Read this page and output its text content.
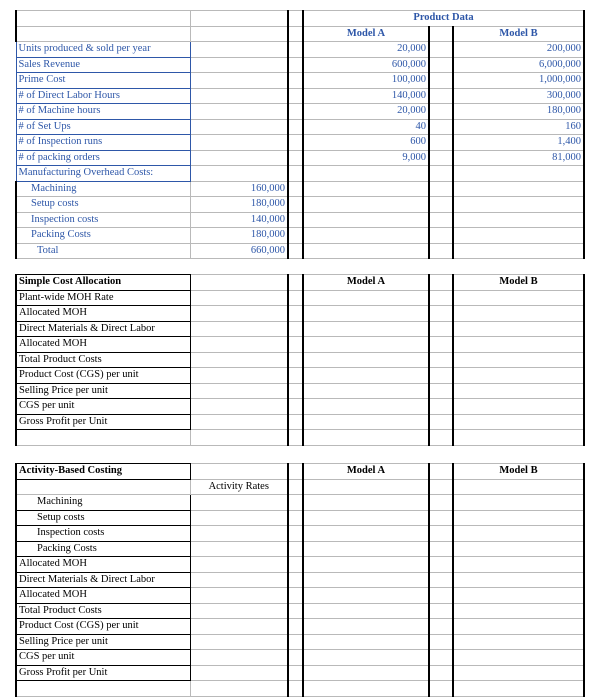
			Product Data		
			Model A		Model B
Units produced & sold per year			20,000		200,000
Sales Revenue			600,000		6,000,000
Prime Cost			100,000		1,000,000
# of Direct Labor Hours			140,000		300,000
# of Machine hours			20,000		180,000
# of Set Ups			40		160
# of Inspection runs			600		1,400
# of packing orders			9,000		81,000
Manufacturing Overhead Costs:					
Machining	160,000				
Setup costs	180,000				
Inspection costs	140,000				
Packing Costs	180,000				
Total	660,000				
Simple Cost Allocation			Model A		Model B
Plant-wide MOH Rate					
Allocated MOH					
Direct Materials & Direct Labor					
Allocated MOH					
Total Product Costs					
Product Cost (CGS) per unit					
Selling Price per unit					
CGS per unit					
Gross Profit per Unit					

Activity-Based Costing			Model A		Model B
	Activity Rates				
Machining					
Setup costs					
Inspection costs					
Packing Costs					
Allocated MOH					
Direct Materials & Direct Labor					
Allocated MOH					
Total Product Costs					
Product Cost (CGS) per unit					
Selling Price per unit					
CGS per unit					
Gross Profit per Unit					
